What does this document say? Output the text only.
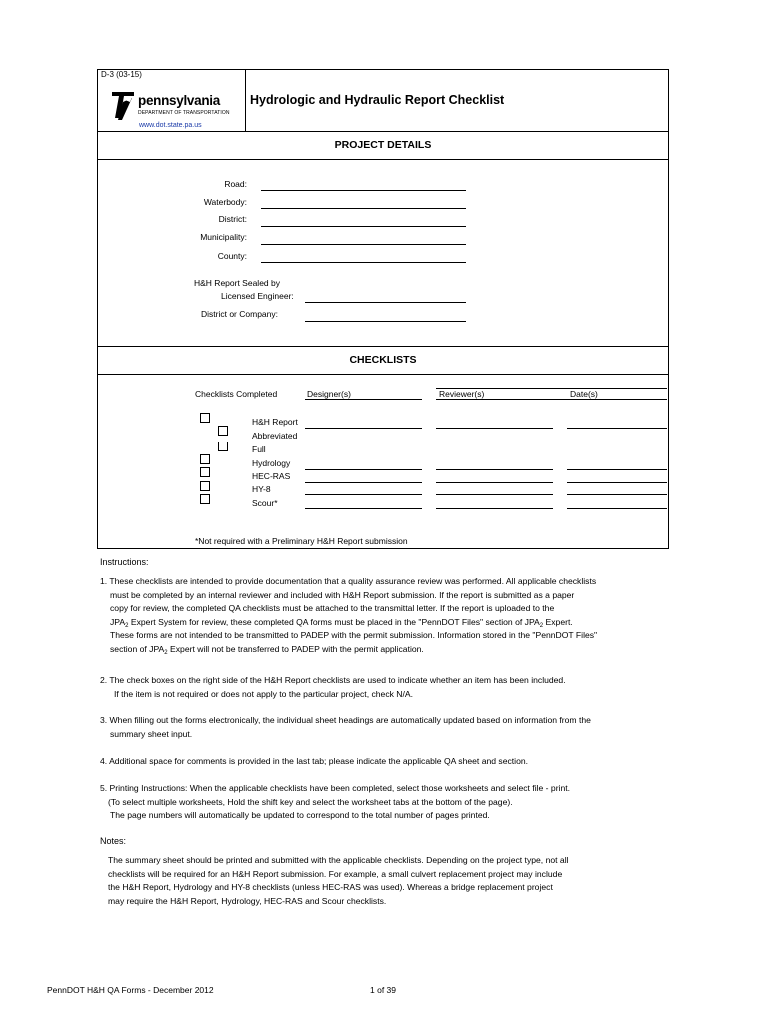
D-3 (03-15)
pennsylvania
DEPARTMENT OF TRANSPORTATION
www.dot.state.pa.us
Hydrologic and Hydraulic Report Checklist
PROJECT DETAILS
Road:
Waterbody:
District:
Municipality:
County:
H&H Report Sealed by
Licensed Engineer:
District or Company:
CHECKLISTS
Checklists Completed	Designer(s)	Reviewer(s)	Date(s)
H&H Report
Abbreviated
Full
Hydrology
HEC-RAS
HY-8
Scour*
*Not required with a Preliminary H&H Report submission
Instructions:

1. These checklists are intended to provide documentation that a quality assurance review was performed. All applicable checklists

must be completed by an internal reviewer and included with H&H Report submission. If the report is submitted as a paper

copy for review, the completed QA checklists must be attached to the transmittal letter. If the report is uploaded to the

$JPA_2$ Expert System for review, these completed QA forms must be placed in the "PennDOT Files" section of $JPA_2$ Expert.

These forms are not intended to be transmitted to PADEP with the permit submission. Information stored in the "PennDOT Files"

section of $JPA_2$ Expert will not be transferred to PADEP with the permit application.

2. The check boxes on the right side of the H&H Report checklists are used to indicate whether an item has been included.

If the item is not required or does not apply to the particular project, check N/A.

3. When filling out the forms electronically, the individual sheet headings are automatically updated based on information from the

summary sheet input.

4. Additional space for comments is provided in the last tab; please indicate the applicable QA sheet and section.

5. Printing Instructions: When the applicable checklists have been completed, select those worksheets and select file - print.

(To select multiple worksheets, Hold the shift key and select the worksheet tabs at the bottom of the page).

The page numbers will automatically be updated to correspond to the total number of pages printed.

Notes:

The summary sheet should be printed and submitted with the applicable checklists. Depending on the project type, not all

checklists will be required for an H&H Report submission. For example, a small culvert replacement project may include

the H&H Report, Hydrology and HY-8 checklists (unless HEC-RAS was used). Whereas a bridge replacement project

may require the H&H Report, Hydrology, HEC-RAS and Scour checklists.

PennDOT H&H QA Forms - December 2012	1 of 39
